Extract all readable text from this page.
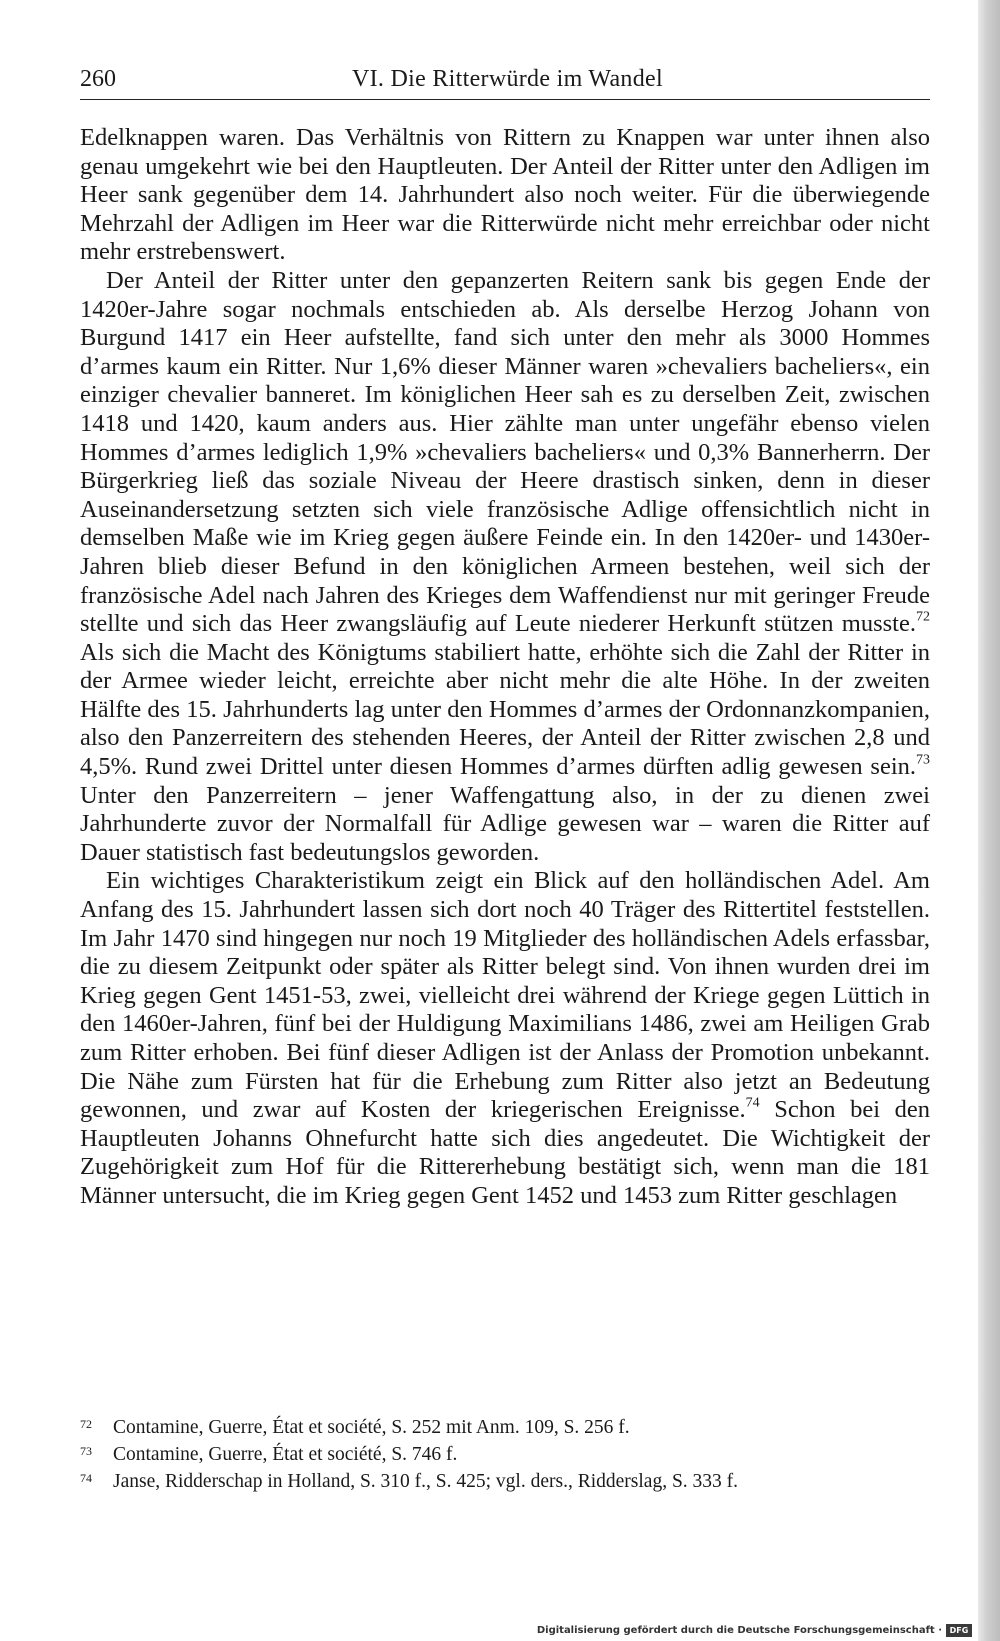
260	VI. Die Ritterwürde im Wandel

Edelknappen waren. Das Verhältnis von Rittern zu Knappen war unter ihnen also genau umgekehrt wie bei den Hauptleuten. Der Anteil der Ritter unter den Adligen im Heer sank gegenüber dem 14. Jahrhundert also noch weiter. Für die überwiegende Mehrzahl der Adligen im Heer war die Ritterwürde nicht mehr erreichbar oder nicht mehr erstrebenswert.

Der Anteil der Ritter unter den gepanzerten Reitern sank bis gegen Ende der 1420er-Jahre sogar nochmals entschieden ab. Als derselbe Herzog Johann von Burgund 1417 ein Heer aufstellte, fand sich unter den mehr als 3000 Hommes d’armes kaum ein Ritter. Nur 1,6% dieser Männer waren »chevaliers bacheliers«, ein einziger chevalier banneret. Im königlichen Heer sah es zu derselben Zeit, zwischen 1418 und 1420, kaum anders aus. Hier zählte man unter ungefähr ebenso vielen Hommes d’armes lediglich 1,9% »chevaliers bacheliers« und 0,3% Bannerherrn. Der Bürgerkrieg ließ das soziale Niveau der Heere drastisch sinken, denn in dieser Auseinandersetzung setzten sich viele französische Adlige offensichtlich nicht in demselben Maße wie im Krieg gegen äußere Feinde ein. In den 1420er- und 1430er-Jahren blieb dieser Befund in den königlichen Armeen bestehen, weil sich der französische Adel nach Jahren des Krieges dem Waffendienst nur mit geringer Freude stellte und sich das Heer zwangsläufig auf Leute niederer Herkunft stützen musste.$^{72}$ Als sich die Macht des Königtums stabiliert hatte, erhöhte sich die Zahl der Ritter in der Armee wieder leicht, erreichte aber nicht mehr die alte Höhe. In der zweiten Hälfte des 15. Jahrhunderts lag unter den Hommes d’armes der Ordonnanzkompanien, also den Panzerreitern des stehenden Heeres, der Anteil der Ritter zwischen 2,8 und 4,5%. Rund zwei Drittel unter diesen Hommes d’armes dürften adlig gewesen sein.$^{73}$ Unter den Panzerreitern – jener Waffengattung also, in der zu dienen zwei Jahrhunderte zuvor der Normalfall für Adlige gewesen war – waren die Ritter auf Dauer statistisch fast bedeutungslos geworden.

Ein wichtiges Charakteristikum zeigt ein Blick auf den holländischen Adel. Am Anfang des 15. Jahrhundert lassen sich dort noch 40 Träger des Rittertitel feststellen. Im Jahr 1470 sind hingegen nur noch 19 Mitglieder des holländischen Adels erfassbar, die zu diesem Zeitpunkt oder später als Ritter belegt sind. Von ihnen wurden drei im Krieg gegen Gent 1451-53, zwei, vielleicht drei während der Kriege gegen Lüttich in den 1460er-Jahren, fünf bei der Huldigung Maximilians 1486, zwei am Heiligen Grab zum Ritter erhoben. Bei fünf dieser Adligen ist der Anlass der Promotion unbekannt. Die Nähe zum Fürsten hat für die Erhebung zum Ritter also jetzt an Bedeutung gewonnen, und zwar auf Kosten der kriegerischen Ereignisse.$^{74}$ Schon bei den Hauptleuten Johanns Ohnefurcht hatte sich dies angedeutet. Die Wichtigkeit der Zugehörigkeit zum Hof für die Rittererhebung bestätigt sich, wenn man die 181 Männer untersucht, die im Krieg gegen Gent 1452 und 1453 zum Ritter geschlagen

72 Contamine, Guerre, État et société, S. 252 mit Anm. 109, S. 256 f.
73 Contamine, Guerre, État et société, S. 746 f.
74 Janse, Ridderschap in Holland, S. 310 f., S. 425; vgl. ders., Ridderslag, S. 333 f.
Digitalisierung gefördert durch die Deutsche Forschungsgemeinschaft · DFG
